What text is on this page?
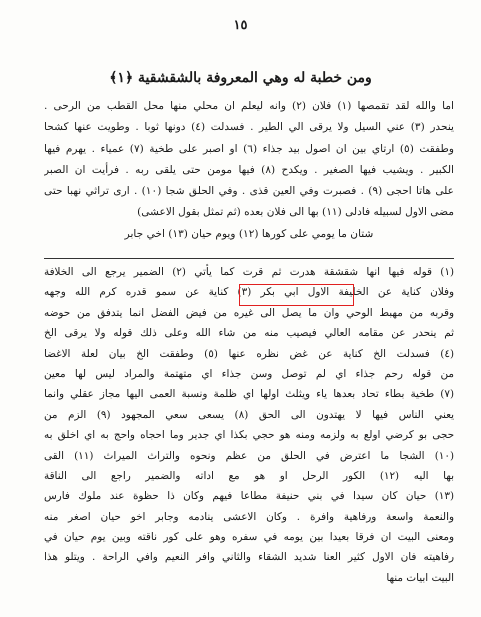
١٥
ومن خطبة له وهي المعروفة بالشقشقية ﴿١﴾
اما والله لقد تقمصها (١) فلان (٢) وانه ليعلم ان محلي منها محل القطب من الرحى .
ينحدر (٣) عني السيل ولا يرقى الي الطير . فسدلت (٤) دونها ثوبا . وطويت عنها كشحا
وطفقت (٥) ارتاي بين ان اصول بيد جذاء (٦) او اصبر على طخية (٧) عمياء . يهرم فيها
الكبير . ويشيب فيها الصغير . ويكدح (٨) فيها مومن حتى يلقى ربه . فرأيت ان الصبر
على هاتا احجى (٩) . فصبرت وفي العين قذى . وفي الحلق شجا (١٠) . ارى تراثي نهبا حتى
مضى الاول لسبيله فادلى (١١) بها الى فلان بعده (ثم تمثل بقول الاعشى)
شتان ما يومي على كورها (١٢) ويوم حيان (١٣) اخي جابر
(١) قوله فيها انها شقشقة هدرت ثم قرت كما يأتي (٢) الضمير يرجع الى الخلافة
وفلان كناية عن الخليفة الاول ابي بكر (٣) كناية عن سمو قدره كرم الله وجهه
وقربه من مهبط الوحي وان ما يصل الى غيره من فيض الفضل انما يتدفق من حوضه
ثم ينحدر عن مقامه العالي فيصيب منه من شاء الله وعلى ذلك قوله ولا يرقى الخ
(٤) فسدلت الخ كناية عن غض نظره عنها (٥) وطفقت الخ بيان لعلة الاغضا
من قوله رحم جذاء اي لم توصل وسن جذاء اي متهتمة والمراد ليس لها معين
(٧) طخية بطاء تحاد بعدها ياء ويثلث اولها اي ظلمة ونسبة العمى اليها مجاز عقلي وانما
يعني الناس فيها لا يهتدون الى الحق (٨) يسعى سعي المجهود (٩) الزم من
حجى بو كرضي اولع به ولزمه ومنه هو حجي بكذا اي جدير وما احجاه واحج به اي اخلق به
(١٠) الشجا ما اعترض في الحلق من عظم ونحوه والتراث الميراث (١١) القى
بها اليه (١٢) الكور الرحل او هو مع اداته والضمير راجع الى الناقة
(١٣) حيان كان سيدا في بني حنيفة مطاعا فيهم وكان ذا حظوة عند ملوك فارس
والنعمة واسعة ورفاهية وافرة . وكان الاعشى ينادمه وجابر اخو حيان اصغر منه
ومعنى البيت ان فرقا بعيدا بين يومه في سفره وهو على كور ناقته وبين يوم حيان في
رفاهيته فان الاول كثير العنا شديد الشقاء والثاني وافر النعيم وافي الراحة . ويتلو هذا
البيت ابيات منها
